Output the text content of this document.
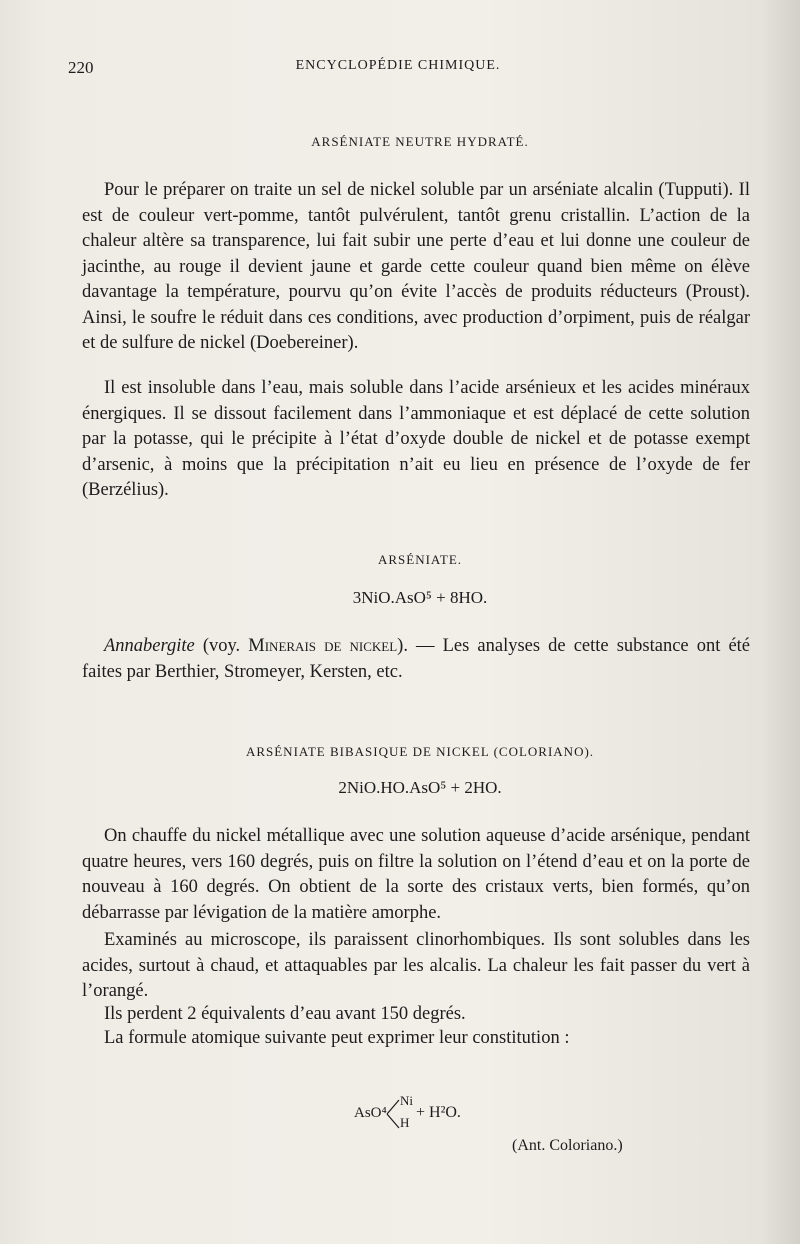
220	ENCYCLOPÉDIE CHIMIQUE.
ARSÉNIATE NEUTRE HYDRATÉ.

Pour le préparer on traite un sel de nickel soluble par un arséniate alcalin (Tupputi). Il est de couleur vert-pomme, tantôt pulvérulent, tantôt grenu cristallin. L’action de la chaleur altère sa transparence, lui fait subir une perte d’eau et lui donne une couleur de jacinthe, au rouge il devient jaune et garde cette couleur quand bien même on élève davantage la température, pourvu qu’on évite l’accès de produits réducteurs (Proust). Ainsi, le soufre le réduit dans ces conditions, avec production d’orpiment, puis de réalgar et de sulfure de nickel (Doebereiner).

Il est insoluble dans l’eau, mais soluble dans l’acide arsénieux et les acides minéraux énergiques. Il se dissout facilement dans l’ammoniaque et est déplacé de cette solution par la potasse, qui le précipite à l’état d’oxyde double de nickel et de potasse exempt d’arsenic, à moins que la précipitation n’ait eu lieu en présence de l’oxyde de fer (Berzélius).

ARSÉNIATE.
3NiO.AsO⁵ + 8HO.

Annabergite (voy. Minerais de nickel). — Les analyses de cette substance ont été faites par Berthier, Stromeyer, Kersten, etc.

ARSÉNIATE BIBASIQUE DE NICKEL (COLORIANO).
2NiO.HO.AsO⁵ + 2HO.

On chauffe du nickel métallique avec une solution aqueuse d’acide arsénique, pendant quatre heures, vers 160 degrés, puis on filtre la solution on l’étend d’eau et on la porte de nouveau à 160 degrés. On obtient de la sorte des cristaux verts, bien formés, qu’on débarrasse par lévigation de la matière amorphe.

Examinés au microscope, ils paraissent clinorhombiques. Ils sont solubles dans les acides, surtout à chaud, et attaquables par les alcalis. La chaleur les fait passer du vert à l’orangé.

Ils perdent 2 équivalents d’eau avant 150 degrés.

La formule atomique suivante peut exprimer leur constitution :

AsO⁴
Ni
H
+ H²O.
(Ant. Coloriano.)
